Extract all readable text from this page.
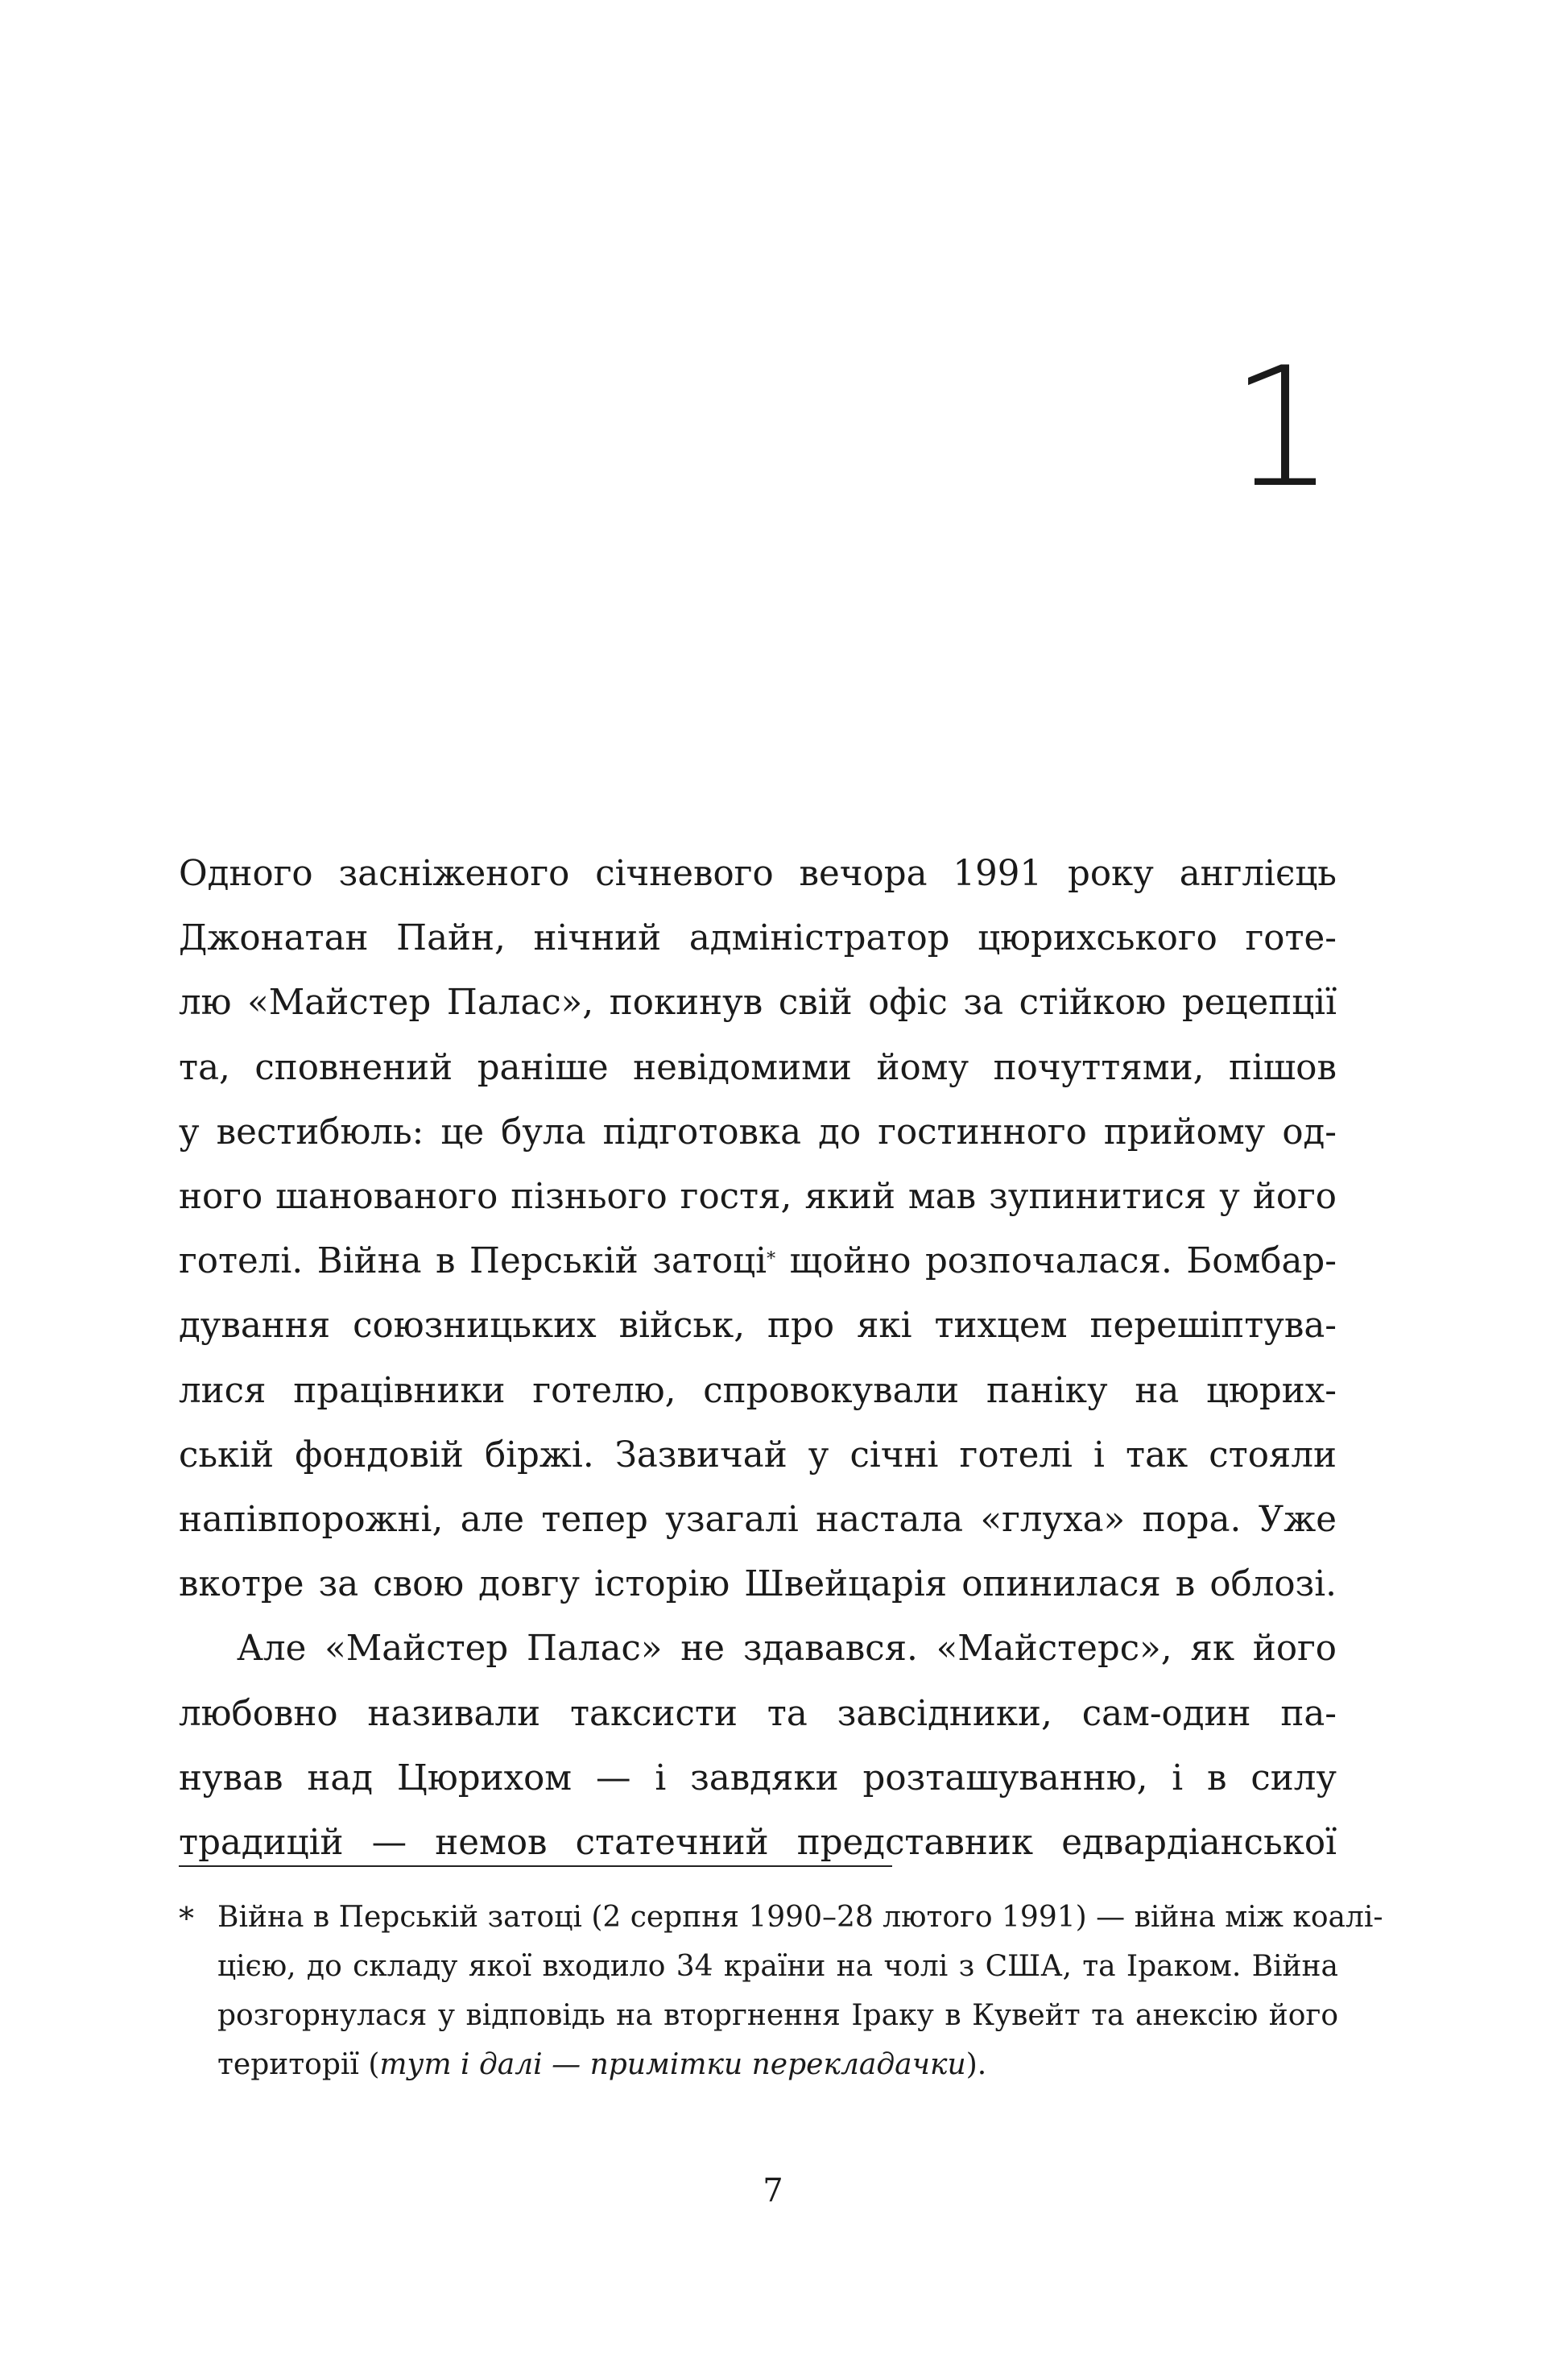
1
Одного засніженого січневого вечора 1991 року англієць
Джонатан Пайн, нічний адміністратор цюрихського готе-
лю «Майстер Палас», покинув свій офіс за стійкою рецепції
та, сповнений раніше невідомими йому почуттями, пішов
у вестибюль: це була підготовка до гостинного прийому од-
ного шанованого пізнього гостя, який мав зупинитися у його
готелі. Війна в Перській затоці* щойно розпочалася. Бомбар-
дування союзницьких військ, про які тихцем перешіптува-
лися працівники готелю, спровокували паніку на цюрих-
ській фондовій біржі. Зазвичай у січні готелі і так стояли
напівпорожні, але тепер узагалі настала «глуха» пора. Уже
вкотре за свою довгу історію Швейцарія опинилася в облозі.
Але «Майстер Палас» не здавався. «Майстерс», як його
любовно називали таксисти та завсідники, сам-один па-
нував над Цюрихом — і завдяки розташуванню, і в силу
традицій — немов статечний представник едвардіанської
* Війна в Перській затоці (2 серпня 1990–28 лютого 1991) — війна між коалі-
цією, до складу якої входило 34 країни на чолі з США, та Іраком. Війна
розгорнулася у відповідь на вторгнення Іраку в Кувейт та анексію його
території (тут і далі — примітки перекладачки).
7
